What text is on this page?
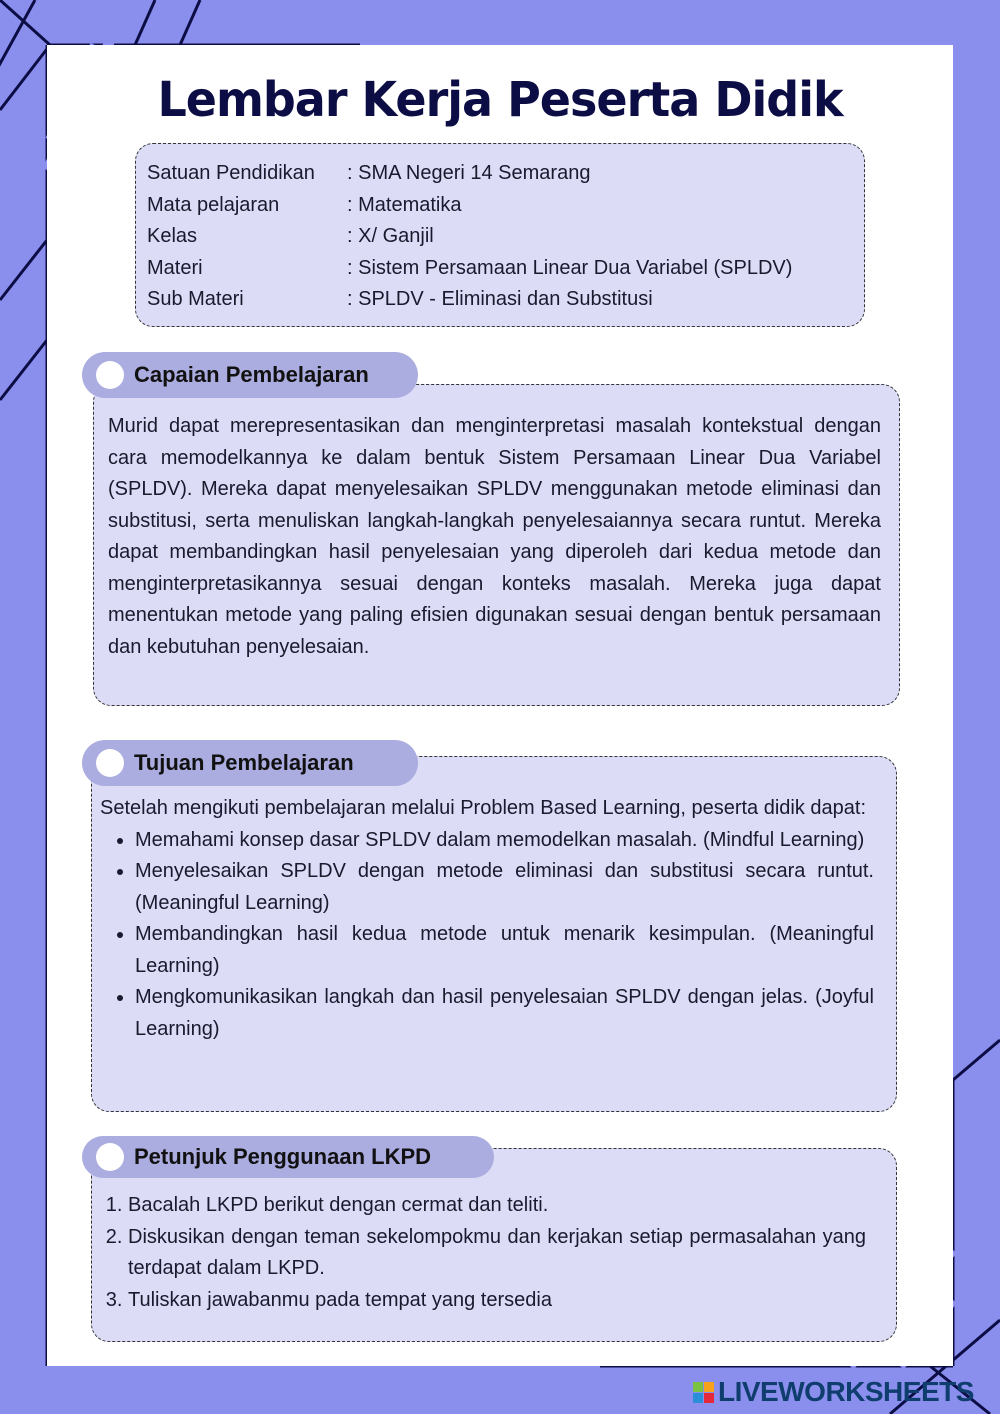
Lembar Kerja Peserta Didik
Satuan Pendidikan	: SMA Negeri 14 Semarang
Mata pelajaran	: Matematika
Kelas	: X/ Ganjil
Materi	: Sistem Persamaan Linear Dua Variabel (SPLDV)
Sub Materi	: SPLDV - Eliminasi dan Substitusi

Murid dapat merepresentasikan dan menginterpretasi masalah kontekstual dengan cara memodelkannya ke dalam bentuk Sistem Persamaan Linear Dua Variabel (SPLDV). Mereka dapat menyelesaikan SPLDV menggunakan metode eliminasi dan substitusi, serta menuliskan langkah-langkah penyelesaiannya secara runtut. Mereka dapat membandingkan hasil penyelesaian yang diperoleh dari kedua metode dan menginterpretasikannya sesuai dengan konteks masalah. Mereka juga dapat menentukan metode yang paling efisien digunakan sesuai dengan bentuk persamaan dan kebutuhan penyelesaian.

Capaian Pembelajaran

Setelah mengikuti pembelajaran melalui Problem Based Learning, peserta didik dapat:

• Memahami konsep dasar SPLDV dalam memodelkan masalah. (Mindful Learning)
• Menyelesaikan SPLDV dengan metode eliminasi dan substitusi secara runtut. (Meaningful Learning)
• Membandingkan hasil kedua metode untuk menarik kesimpulan. (Meaningful Learning)
• Mengkomunikasikan langkah dan hasil penyelesaian SPLDV dengan jelas. (Joyful Learning)
Tujuan Pembelajaran
1. Bacalah LKPD berikut dengan cermat dan teliti.
2. Diskusikan dengan teman sekelompokmu dan kerjakan setiap permasalahan yang terdapat dalam LKPD.
3. Tuliskan jawabanmu pada tempat yang tersedia
Petunjuk Penggunaan LKPD
LIVEWORKSHEETS
